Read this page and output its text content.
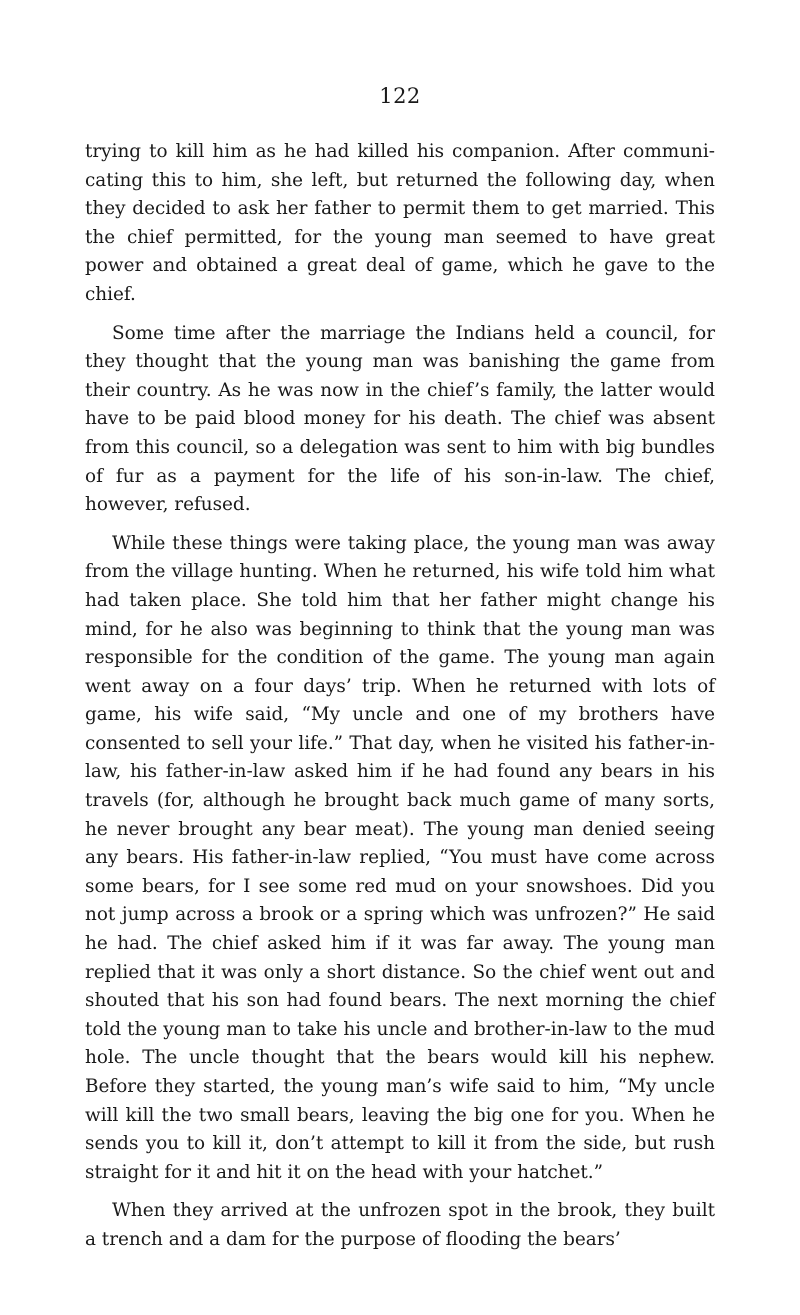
122

trying to kill him as he had killed his companion. After communi-cating this to him, she left, but returned the following day, when they decided to ask her father to permit them to get married. This the chief permitted, for the young man seemed to have great power and obtained a great deal of game, which he gave to the chief.

Some time after the marriage the Indians held a council, for they thought that the young man was banishing the game from their country. As he was now in the chief’s family, the latter would have to be paid blood money for his death. The chief was absent from this council, so a delegation was sent to him with big bundles of fur as a payment for the life of his son-in-law. The chief, however, refused.

While these things were taking place, the young man was away from the village hunting. When he returned, his wife told him what had taken place. She told him that her father might change his mind, for he also was beginning to think that the young man was responsible for the condition of the game. The young man again went away on a four days’ trip. When he returned with lots of game, his wife said, “My uncle and one of my brothers have consented to sell your life.” That day, when he visited his father-in-law, his father-in-law asked him if he had found any bears in his travels (for, although he brought back much game of many sorts, he never brought any bear meat). The young man denied seeing any bears. His father-in-law replied, “You must have come across some bears, for I see some red mud on your snowshoes. Did you not jump across a brook or a spring which was unfrozen?” He said he had. The chief asked him if it was far away. The young man replied that it was only a short distance. So the chief went out and shouted that his son had found bears. The next morning the chief told the young man to take his uncle and brother-in-law to the mud hole. The uncle thought that the bears would kill his nephew. Before they started, the young man’s wife said to him, “My uncle will kill the two small bears, leaving the big one for you. When he sends you to kill it, don’t attempt to kill it from the side, but rush straight for it and hit it on the head with your hatchet.”

When they arrived at the unfrozen spot in the brook, they built a trench and a dam for the purpose of flooding the bears’
